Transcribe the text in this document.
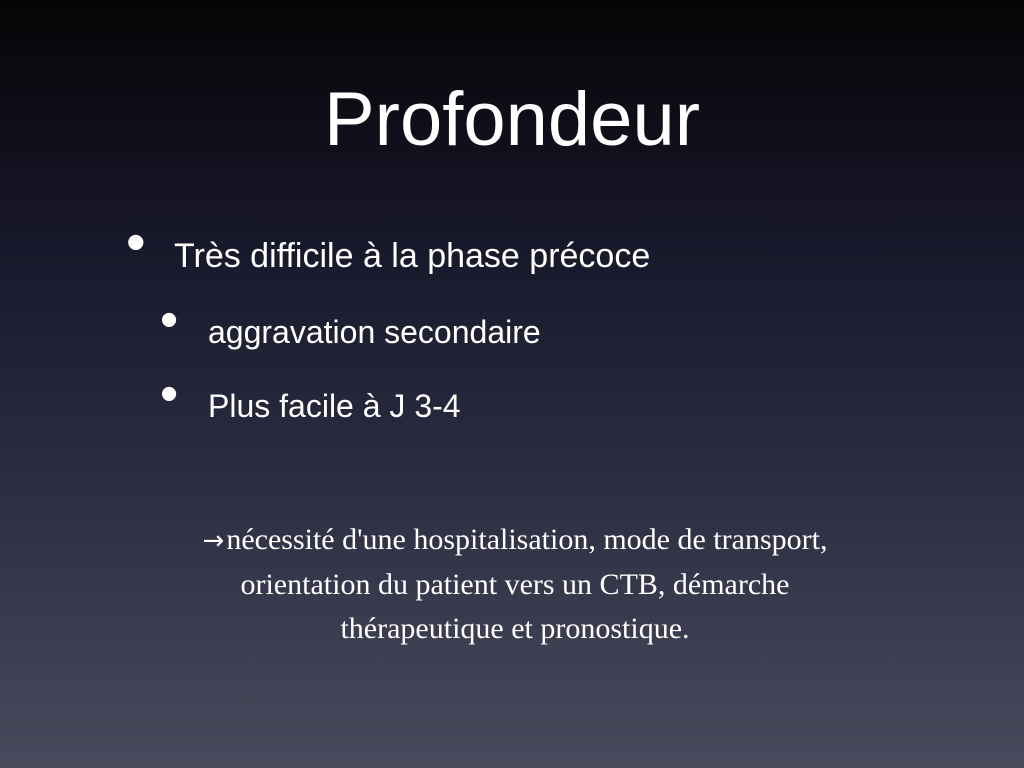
Profondeur
• Très difficile à la phase précoce
• aggravation secondaire
• Plus facile à J 3-4
→nécessité d'une hospitalisation, mode de transport,
orientation du patient vers un CTB, démarche
thérapeutique et pronostique.
